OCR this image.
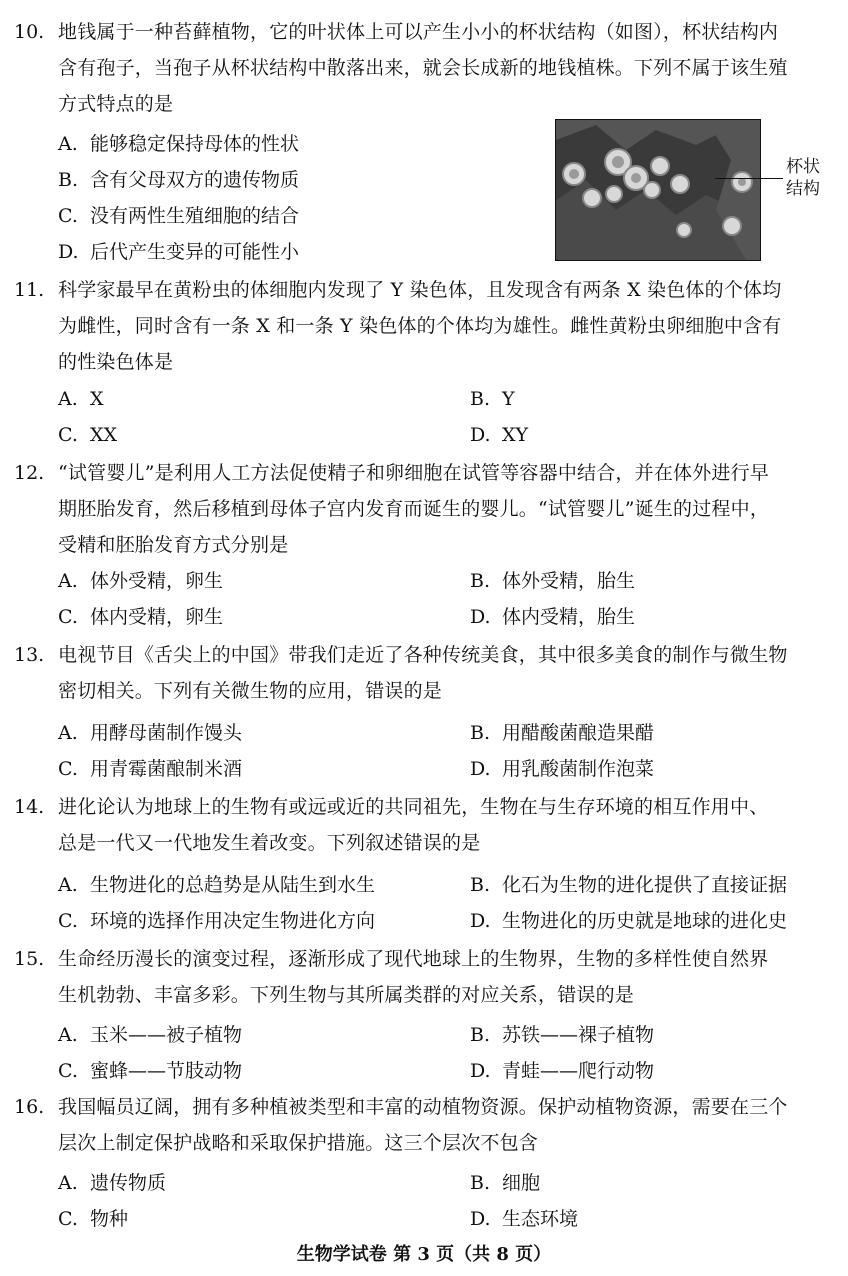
10. 地钱属于一种苔藓植物，它的叶状体上可以产生小小的杯状结构（如图），杯状结构内
含有孢子，当孢子从杯状结构中散落出来，就会长成新的地钱植株。下列不属于该生殖
方式特点的是
A. 能够稳定保持母体的性状
B. 含有父母双方的遗传物质
C. 没有两性生殖细胞的结合
D. 后代产生变异的可能性小
杯状结构
11. 科学家最早在黄粉虫的体细胞内发现了 Y 染色体，且发现含有两条 X 染色体的个体均
为雌性，同时含有一条 X 和一条 Y 染色体的个体均为雄性。雌性黄粉虫卵细胞中含有
的性染色体是
A. X	B. Y
C. XX	D. XY
12. “试管婴儿”是利用人工方法促使精子和卵细胞在试管等容器中结合，并在体外进行早
期胚胎发育，然后移植到母体子宫内发育而诞生的婴儿。“试管婴儿”诞生的过程中，
受精和胚胎发育方式分别是
A. 体外受精，卵生	B. 体外受精，胎生
C. 体内受精，卵生	D. 体内受精，胎生
13. 电视节目《舌尖上的中国》带我们走近了各种传统美食，其中很多美食的制作与微生物
密切相关。下列有关微生物的应用，错误的是
A. 用酵母菌制作馒头	B. 用醋酸菌酿造果醋
C. 用青霉菌酿制米酒	D. 用乳酸菌制作泡菜
14. 进化论认为地球上的生物有或远或近的共同祖先，生物在与生存环境的相互作用中、
总是一代又一代地发生着改变。下列叙述错误的是
A. 生物进化的总趋势是从陆生到水生	B. 化石为生物的进化提供了直接证据
C. 环境的选择作用决定生物进化方向	D. 生物进化的历史就是地球的进化史
15. 生命经历漫长的演变过程，逐渐形成了现代地球上的生物界，生物的多样性使自然界
生机勃勃、丰富多彩。下列生物与其所属类群的对应关系，错误的是
A. 玉米——被子植物	B. 苏铁——裸子植物
C. 蜜蜂——节肢动物	D. 青蛙——爬行动物
16. 我国幅员辽阔，拥有多种植被类型和丰富的动植物资源。保护动植物资源，需要在三个
层次上制定保护战略和采取保护措施。这三个层次不包含
A. 遗传物质	B. 细胞
C. 物种	D. 生态环境
生物学试卷 第 3 页（共 8 页）
